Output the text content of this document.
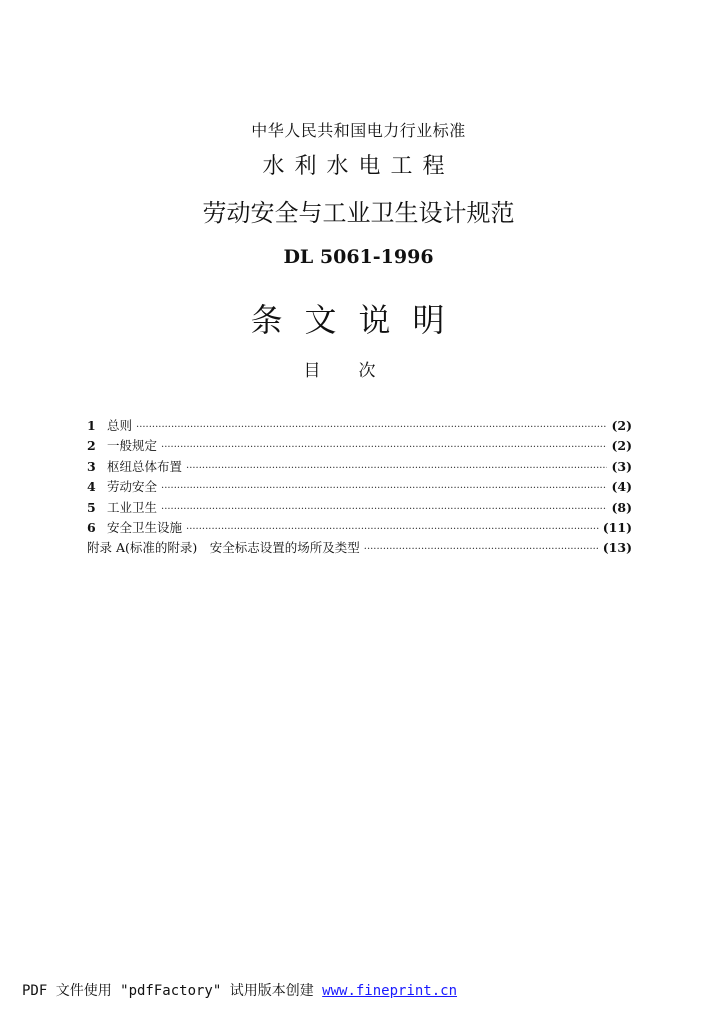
中华人民共和国电力行业标准
水利水电工程
劳动安全与工业卫生设计规范
DL 5061-1996
条文说明
目次
1 总则 ·····	(2)
2 一般规定 ·····	(2)
3 枢纽总体布置 ·····	(3)
4 劳动安全 ·····	(4)
5 工业卫生 ·····	(8)
6 安全卫生设施 ·····	(11)
附录 A(标准的附录)　安全标志设置的场所及类型 ·····	(13)
PDF 文件使用 "pdfFactory" 试用版本创建 www.fineprint.cn
